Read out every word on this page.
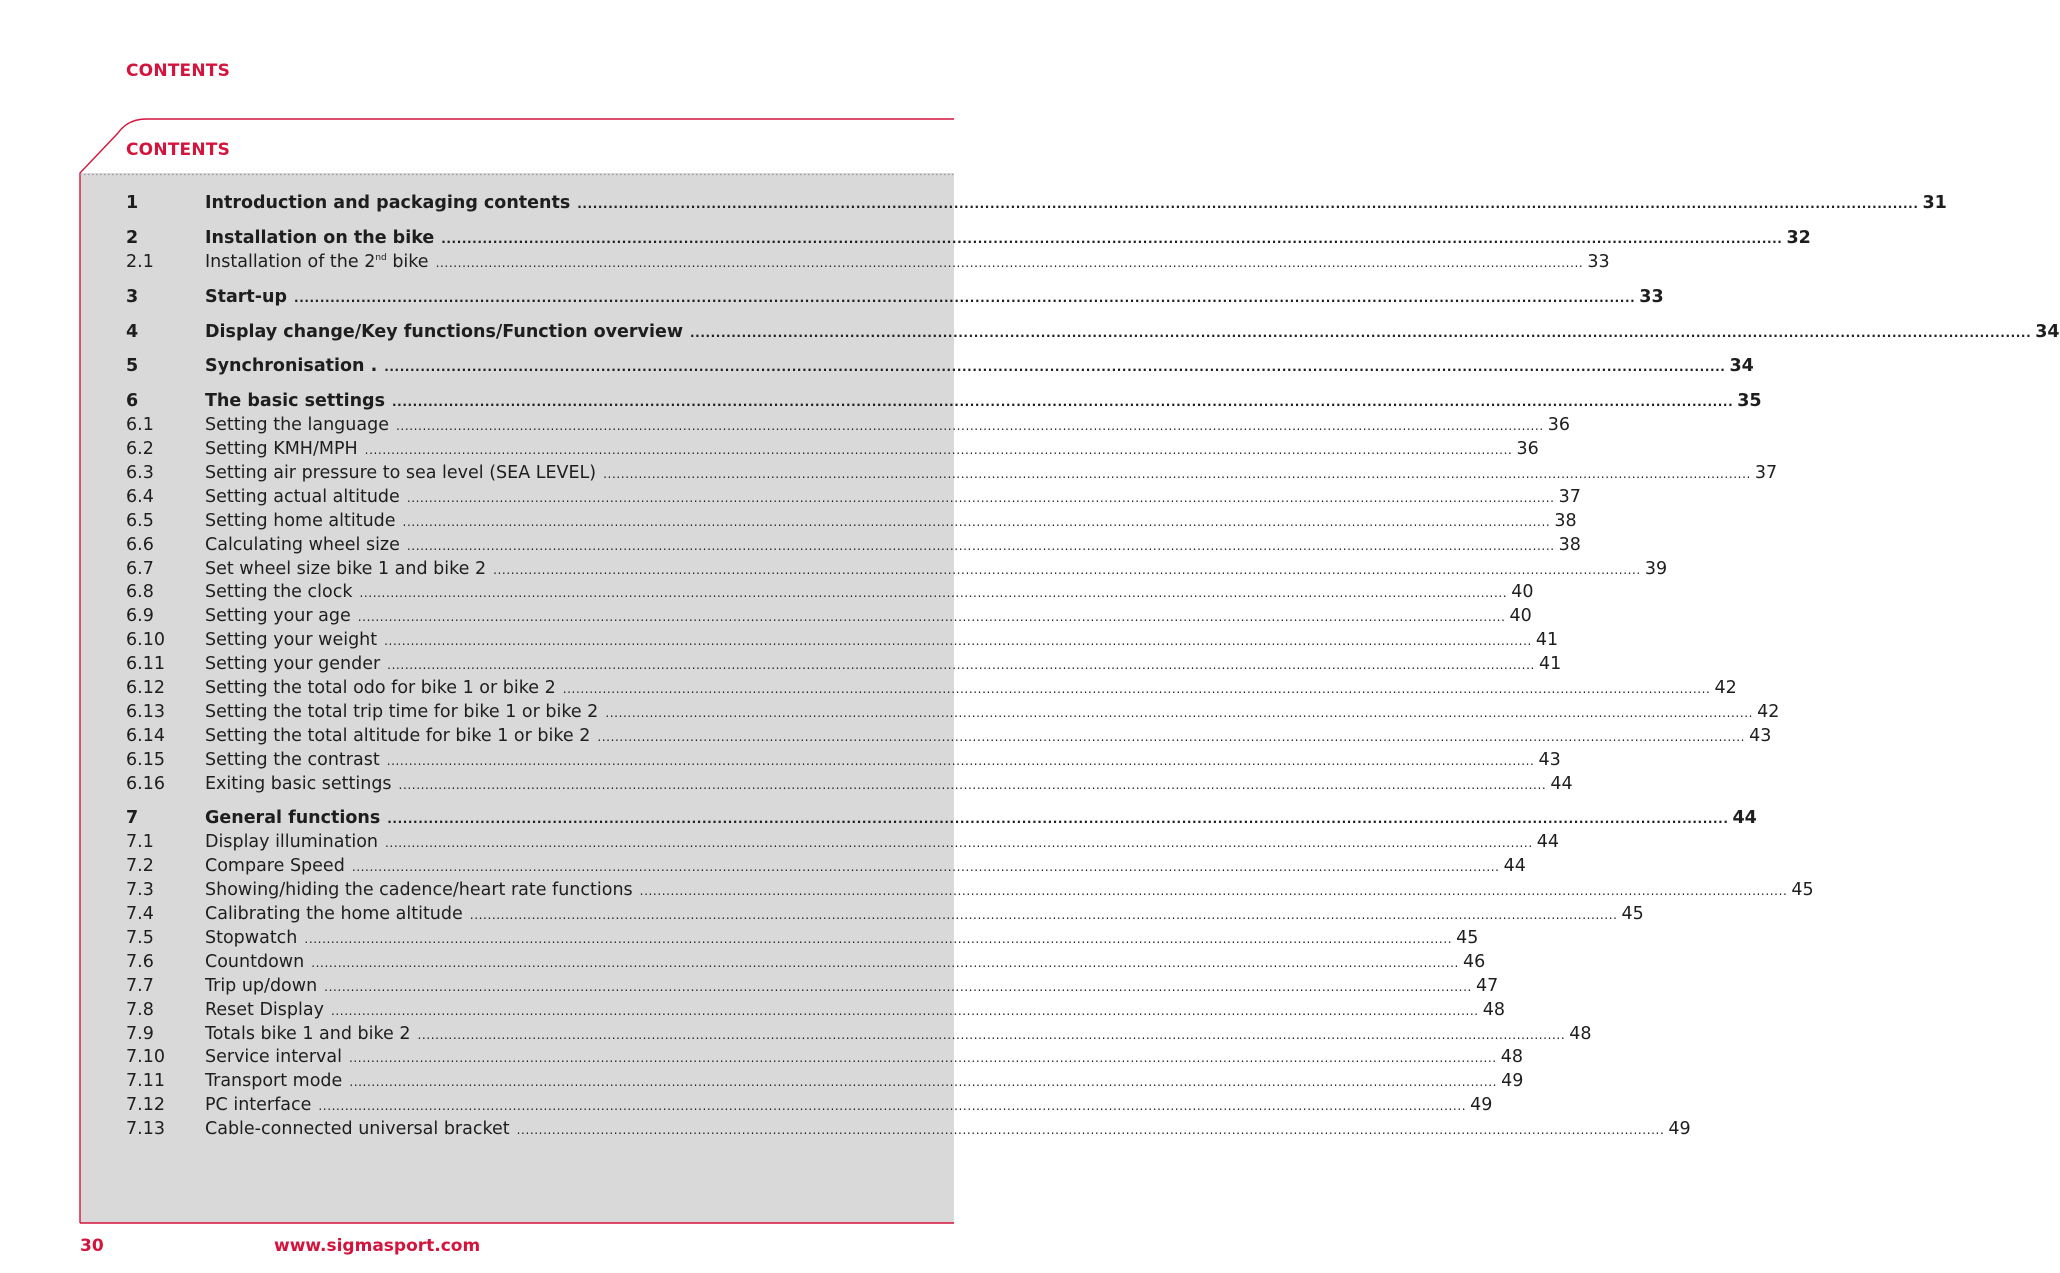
CONTENTS
CONTENTS
1	Introduction and packaging contents .................................................................................................................................................................................................................................................................... 31
2	Installation on the bike .................................................................................................................................................................................................................................................................... 32
2.1	Installation of the 2nd bike .................................................................................................................................................................................................................................................................... 33
3	Start-up .................................................................................................................................................................................................................................................................... 33
4	Display change/Key functions/Function overview .................................................................................................................................................................................................................................................................... 34
5	Synchronisation . .................................................................................................................................................................................................................................................................... 34
6	The basic settings .................................................................................................................................................................................................................................................................... 35
6.1	Setting the language .................................................................................................................................................................................................................................................................... 36
6.2	Setting KMH/MPH .................................................................................................................................................................................................................................................................... 36
6.3	Setting air pressure to sea level (SEA LEVEL) .................................................................................................................................................................................................................................................................... 37
6.4	Setting actual altitude .................................................................................................................................................................................................................................................................... 37
6.5	Setting home altitude .................................................................................................................................................................................................................................................................... 38
6.6	Calculating wheel size .................................................................................................................................................................................................................................................................... 38
6.7	Set wheel size bike 1 and bike 2 .................................................................................................................................................................................................................................................................... 39
6.8	Setting the clock .................................................................................................................................................................................................................................................................... 40
6.9	Setting your age .................................................................................................................................................................................................................................................................... 40
6.10	Setting your weight .................................................................................................................................................................................................................................................................... 41
6.11	Setting your gender .................................................................................................................................................................................................................................................................... 41
6.12	Setting the total odo for bike 1 or bike 2 .................................................................................................................................................................................................................................................................... 42
6.13	Setting the total trip time for bike 1 or bike 2 .................................................................................................................................................................................................................................................................... 42
6.14	Setting the total altitude for bike 1 or bike 2 .................................................................................................................................................................................................................................................................... 43
6.15	Setting the contrast .................................................................................................................................................................................................................................................................... 43
6.16	Exiting basic settings .................................................................................................................................................................................................................................................................... 44
7	General functions .................................................................................................................................................................................................................................................................... 44
7.1	Display illumination .................................................................................................................................................................................................................................................................... 44
7.2	Compare Speed .................................................................................................................................................................................................................................................................... 44
7.3	Showing/hiding the cadence/heart rate functions .................................................................................................................................................................................................................................................................... 45
7.4	Calibrating the home altitude .................................................................................................................................................................................................................................................................... 45
7.5	Stopwatch .................................................................................................................................................................................................................................................................... 45
7.6	Countdown .................................................................................................................................................................................................................................................................... 46
7.7	Trip up/down .................................................................................................................................................................................................................................................................... 47
7.8	Reset Display .................................................................................................................................................................................................................................................................... 48
7.9	Totals bike 1 and bike 2 .................................................................................................................................................................................................................................................................... 48
7.10	Service interval .................................................................................................................................................................................................................................................................... 48
7.11	Transport mode .................................................................................................................................................................................................................................................................... 49
7.12	PC interface .................................................................................................................................................................................................................................................................... 49
7.13	Cable-connected universal bracket .................................................................................................................................................................................................................................................................... 49
30	www.sigmasport.com
